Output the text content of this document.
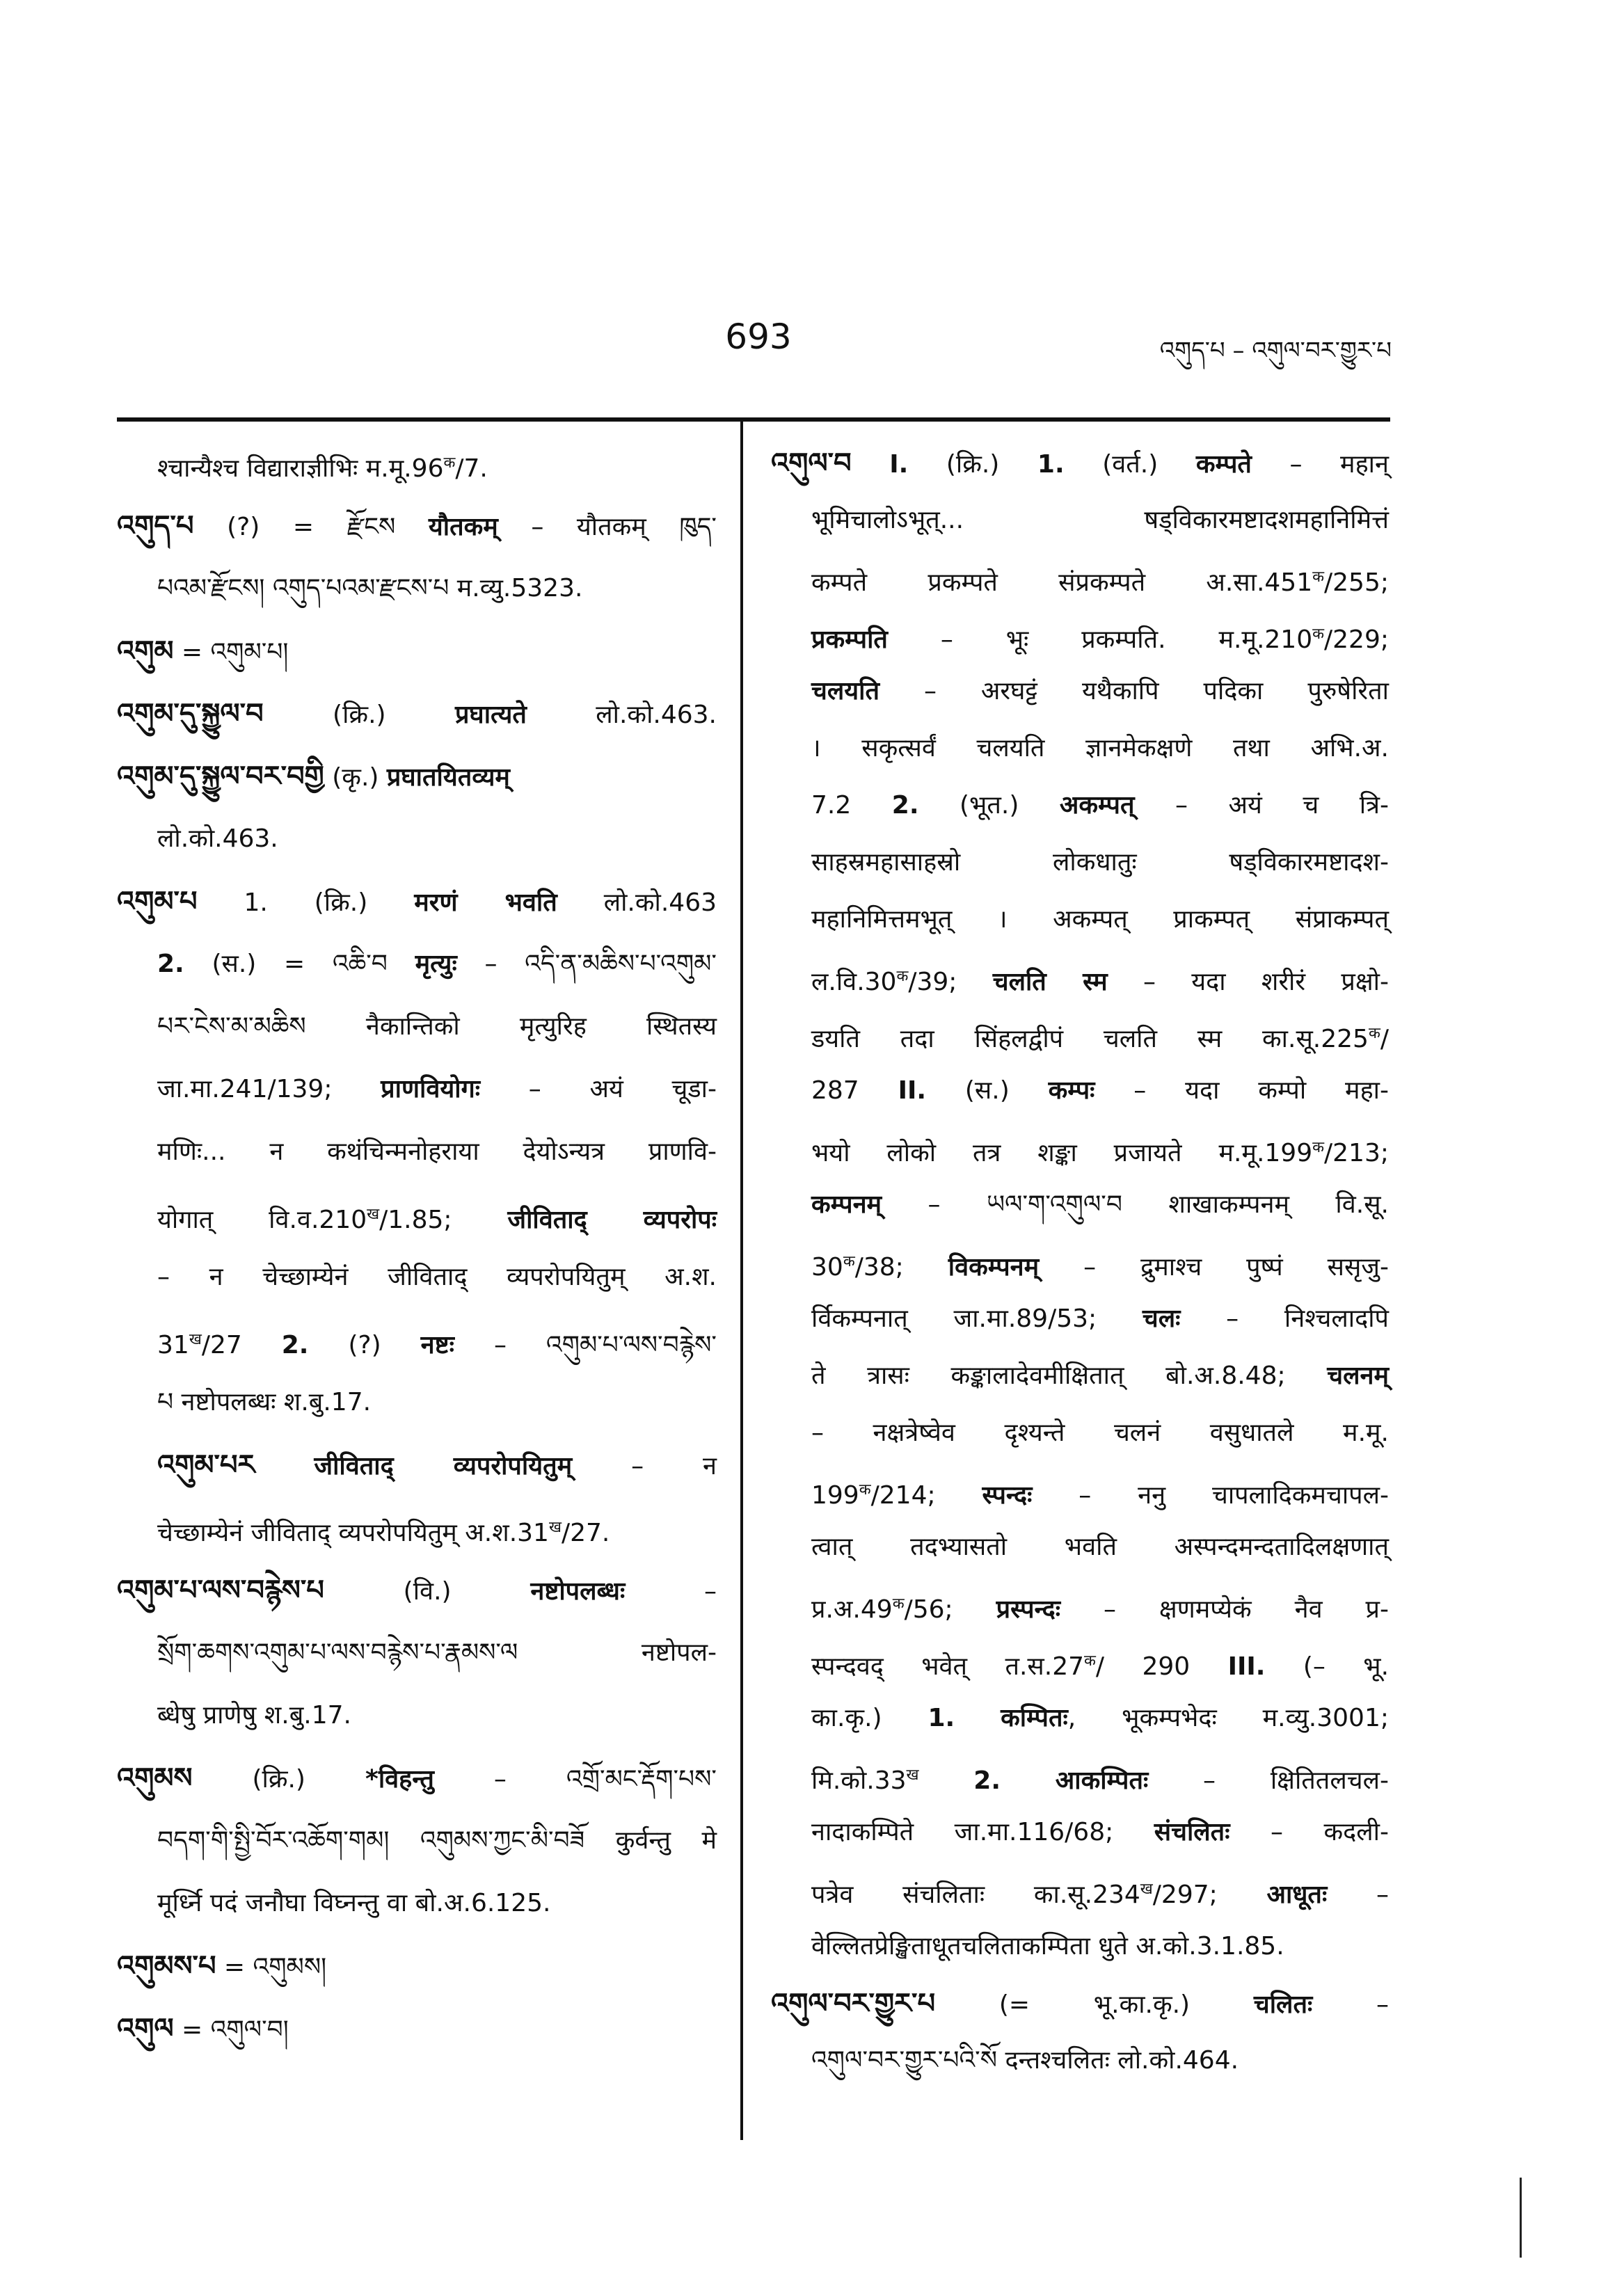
693	འགུད་པ – འགུལ་བར་གྱུར་པ
श्चान्यैश्च विद्याराज्ञीभिः $म.मू.96^क/7$.
འགུད་པ (?) = རྫོངས यौतकम् – यौतकम् ཁུད་
པའམ་རྫོངས། འགུད་པའམ་རྫངས་པ म.व्यु.5323.
འགུམ = འགུམ་པ།
འགུམ་དུ་སྐྱུལ་བ (क्रि.) प्रघात्यते लो.को.463.
འགུམ་དུ་སྐྱུལ་བར་བགྱི (कृ.) प्रघातयितव्यम्
लो.को.463.
འགུམ་པ 1. (क्रि.) मरणं भवति लो.को.463
2. (स.) = འཆི་བ मृत्युः – འདི་ན་མཆིས་པ་འགུམ་
པར་ངེས་མ་མཆིས नैकान्तिको मृत्युरिह स्थितस्य
जा.मा.241/139; प्राणवियोगः – अयं चूडा-
मणिः... न कथंचिन्मनोहराया देयोऽन्यत्र प्राणवि-
योगात् $वि.व.210^ख/1.85$; जीविताद् व्यपरोपः
– न चेच्छाम्येनं जीविताद् व्यपरोपयितुम् अ.श.
$31^ख/27$ 2. (?) नष्टः – འགུམ་པ་ལས་བརྙེས་
པ नष्टोपलब्धः श.बु.17.
འགུམ་པར जीविताद् व्यपरोपयितुम् – न
चेच्छाम्येनं जीविताद् व्यपरोपयितुम् $अ.श.31^ख/27$.
འགུམ་པ་ལས་བརྙེས་པ (वि.) नष्टोपलब्धः –
སྲོག་ཆགས་འགུམ་པ་ལས་བརྙེས་པ་རྣམས་ལ नष्टोपल-
ब्धेषु प्राणेषु श.बु.17.
འགུམས (क्रि.) *विहन्तु – འགྲོ་མང་རྡོག་པས་
བདག་གི་སྤྱི་བོར་འཆོག་གམ། འགུམས་ཀྱང་མི་བཟོ कुर्वन्तु मे
मूर्ध्नि पदं जनौघा विघ्नन्तु वा बो.अ.6.125.
འགུམས་པ = འགུམས།
འགུལ = འགུལ་བ།
འགུལ་བ I. (क्रि.) 1. (वर्त.) कम्पते – महान्
भूमिचालोऽभूत्... षड्विकारमष्टादशमहानिमित्तं
कम्पते प्रकम्पते संप्रकम्पते $अ.सा.451^क/255$;
प्रकम्पति – भूः प्रकम्पति. $म.मू.210^क/229$;
चलयति – अरघट्टं यथैकापि पदिका पुरुषेरिता
। सकृत्सर्वं चलयति ज्ञानमेकक्षणे तथा अभि.अ.
7.2 2. (भूत.) अकम्पत् – अयं च त्रि-
साहस्रमहासाहस्रो लोकधातुः षड्विकारमष्टादश-
महानिमित्तमभूत् । अकम्पत् प्राकम्पत् संप्राकम्पत्
$ल.वि.30^क/39$; चलति स्म – यदा शरीरं प्रक्षो-
डयति तदा सिंहलद्वीपं चलति स्म $का.सू.225^क/$
287 II. (स.) कम्पः – यदा कम्पो महा-
भयो लोको तत्र शङ्का प्रजायते $म.मू.199^क/213$;
कम्पनम् – ཡལ་ག་འགུལ་བ शाखाकम्पनम् वि.सू.
$30^क/38$; विकम्पनम् – द्रुमाश्च पुष्पं ससृजु-
र्विकम्पनात् जा.मा.89/53; चलः – निश्चलादपि
ते त्रासः कङ्कालादेवमीक्षितात् बो.अ.8.48; चलनम्
– नक्षत्रेष्वेव दृश्यन्ते चलनं वसुधातले म.मू.
$199^क/214$; स्पन्दः – ननु चापलादिकमचापल-
त्वात् तदभ्यासतो भवति अस्पन्दमन्दतादिलक्षणात्
$प्र.अ.49^क/56$; प्रस्पन्दः – क्षणमप्येकं नैव प्र-
स्पन्दवद् भवेत् $त.स.27^क/$ 290 III. (– भू.
का.कृ.) 1. कम्पितः, भूकम्पभेदः म.व्यु.3001;
$मि.को.33^ख$ 2. आकम्पितः – क्षितितलचल-
नादाकम्पिते जा.मा.116/68; संचलितः – कदली-
पत्रेव संचलिताः $का.सू.234^ख/297$; आधूतः –
वेल्लितप्रेङ्खिताधूतचलिताकम्पिता धुते अ.को.3.1.85.
འགུལ་བར་གྱུར་པ (= भू.का.कृ.) चलितः –
འགུལ་བར་གྱུར་པའི་སོ दन्तश्चलितः लो.को.464.
